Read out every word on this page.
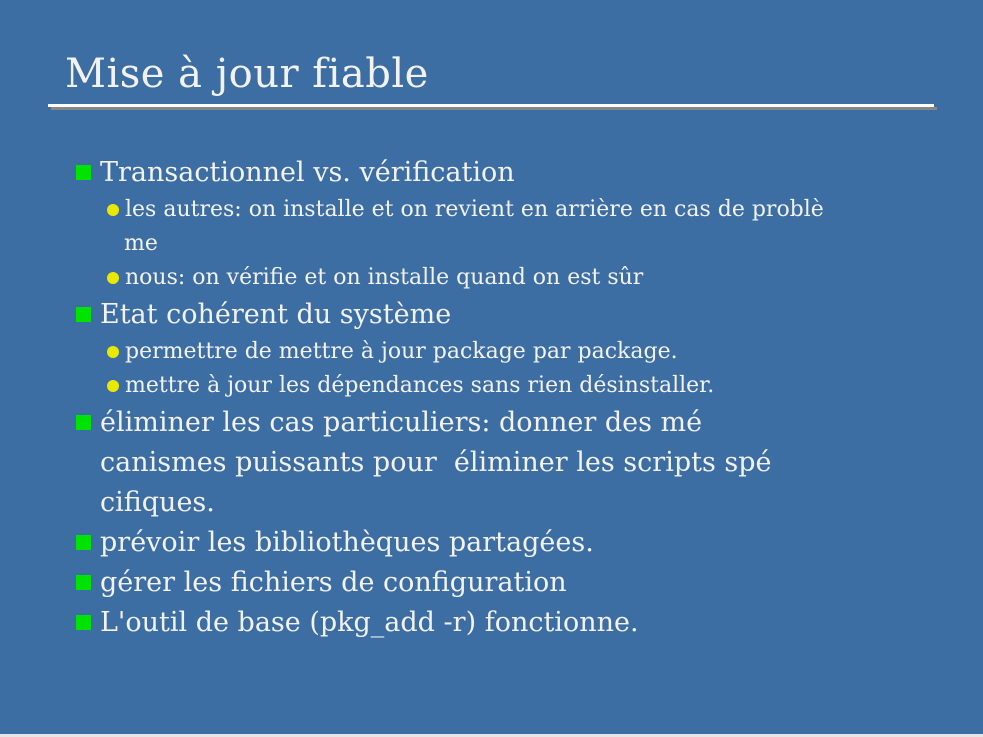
Mise à jour fiable
Transactionnel vs. vérification
les autres: on installe et on revient en arrière en cas de problè
me
nous: on vérifie et on installe quand on est sûr
Etat cohérent du système
permettre de mettre à jour package par package.
mettre à jour les dépendances sans rien désinstaller.
éliminer les cas particuliers: donner des mé
canismes puissants pour  éliminer les scripts spé
cifiques.
prévoir les bibliothèques partagées.
gérer les fichiers de configuration
L'outil de base (pkg_add -r) fonctionne.
